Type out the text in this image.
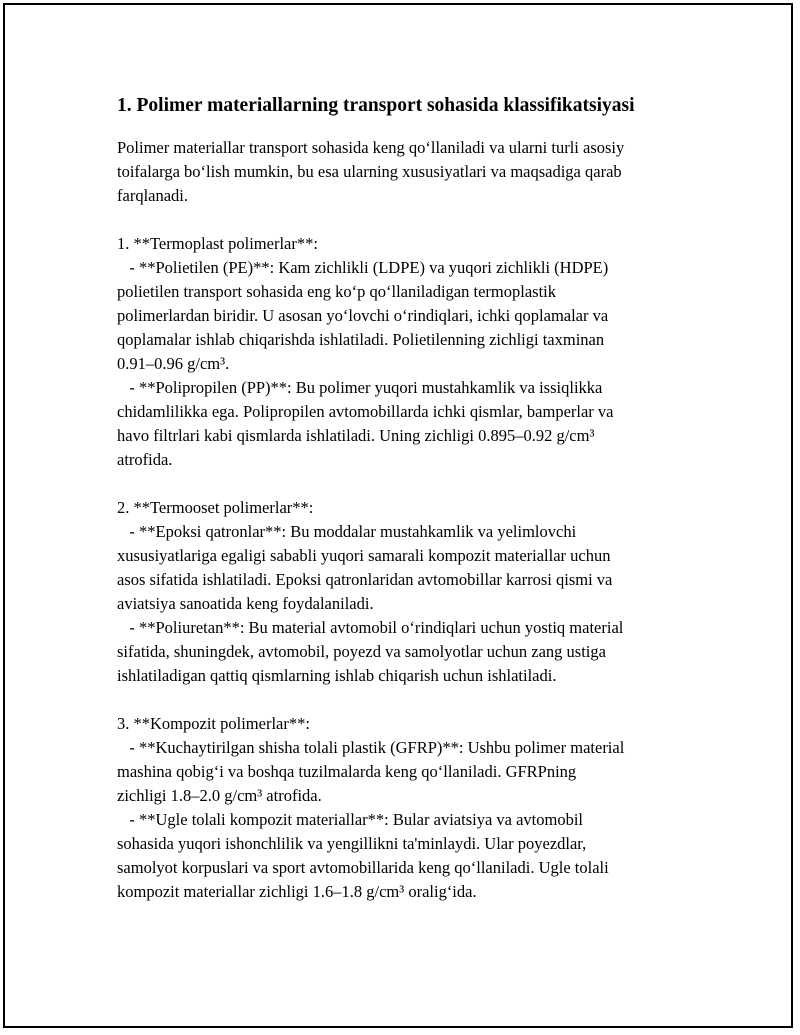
1. Polimer materiallarning transport sohasida klassifikatsiyasi
Polimer materiallar transport sohasida keng qo‘llaniladi va ularni turli asosiy
toifalarga bo‘lish mumkin, bu esa ularning xususiyatlari va maqsadiga qarab
farqlanadi.
1. **Termoplast polimerlar**:
- **Polietilen (PE)**: Kam zichlikli (LDPE) va yuqori zichlikli (HDPE)
polietilen transport sohasida eng ko‘p qo‘llaniladigan termoplastik
polimerlardan biridir. U asosan yo‘lovchi o‘rindiqlari, ichki qoplamalar va
qoplamalar ishlab chiqarishda ishlatiladi. Polietilenning zichligi taxminan
0.91–0.96 g/cm³.
- **Polipropilen (PP)**: Bu polimer yuqori mustahkamlik va issiqlikka
chidamlilikka ega. Polipropilen avtomobillarda ichki qismlar, bamperlar va
havo filtrlari kabi qismlarda ishlatiladi. Uning zichligi 0.895–0.92 g/cm³
atrofida.
2. **Termooset polimerlar**:
- **Epoksi qatronlar**: Bu moddalar mustahkamlik va yelimlovchi
xususiyatlariga egaligi sababli yuqori samarali kompozit materiallar uchun
asos sifatida ishlatiladi. Epoksi qatronlaridan avtomobillar karrosi qismi va
aviatsiya sanoatida keng foydalaniladi.
- **Poliuretan**: Bu material avtomobil o‘rindiqlari uchun yostiq material
sifatida, shuningdek, avtomobil, poyezd va samolyotlar uchun zang ustiga
ishlatiladigan qattiq qismlarning ishlab chiqarish uchun ishlatiladi.
3. **Kompozit polimerlar**:
- **Kuchaytirilgan shisha tolali plastik (GFRP)**: Ushbu polimer material
mashina qobig‘i va boshqa tuzilmalarda keng qo‘llaniladi. GFRPning
zichligi 1.8–2.0 g/cm³ atrofida.
- **Ugle tolali kompozit materiallar**: Bular aviatsiya va avtomobil
sohasida yuqori ishonchlilik va yengillikni ta'minlaydi. Ular poyezdlar,
samolyot korpuslari va sport avtomobillarida keng qo‘llaniladi. Ugle tolali
kompozit materiallar zichligi 1.6–1.8 g/cm³ oralig‘ida.
